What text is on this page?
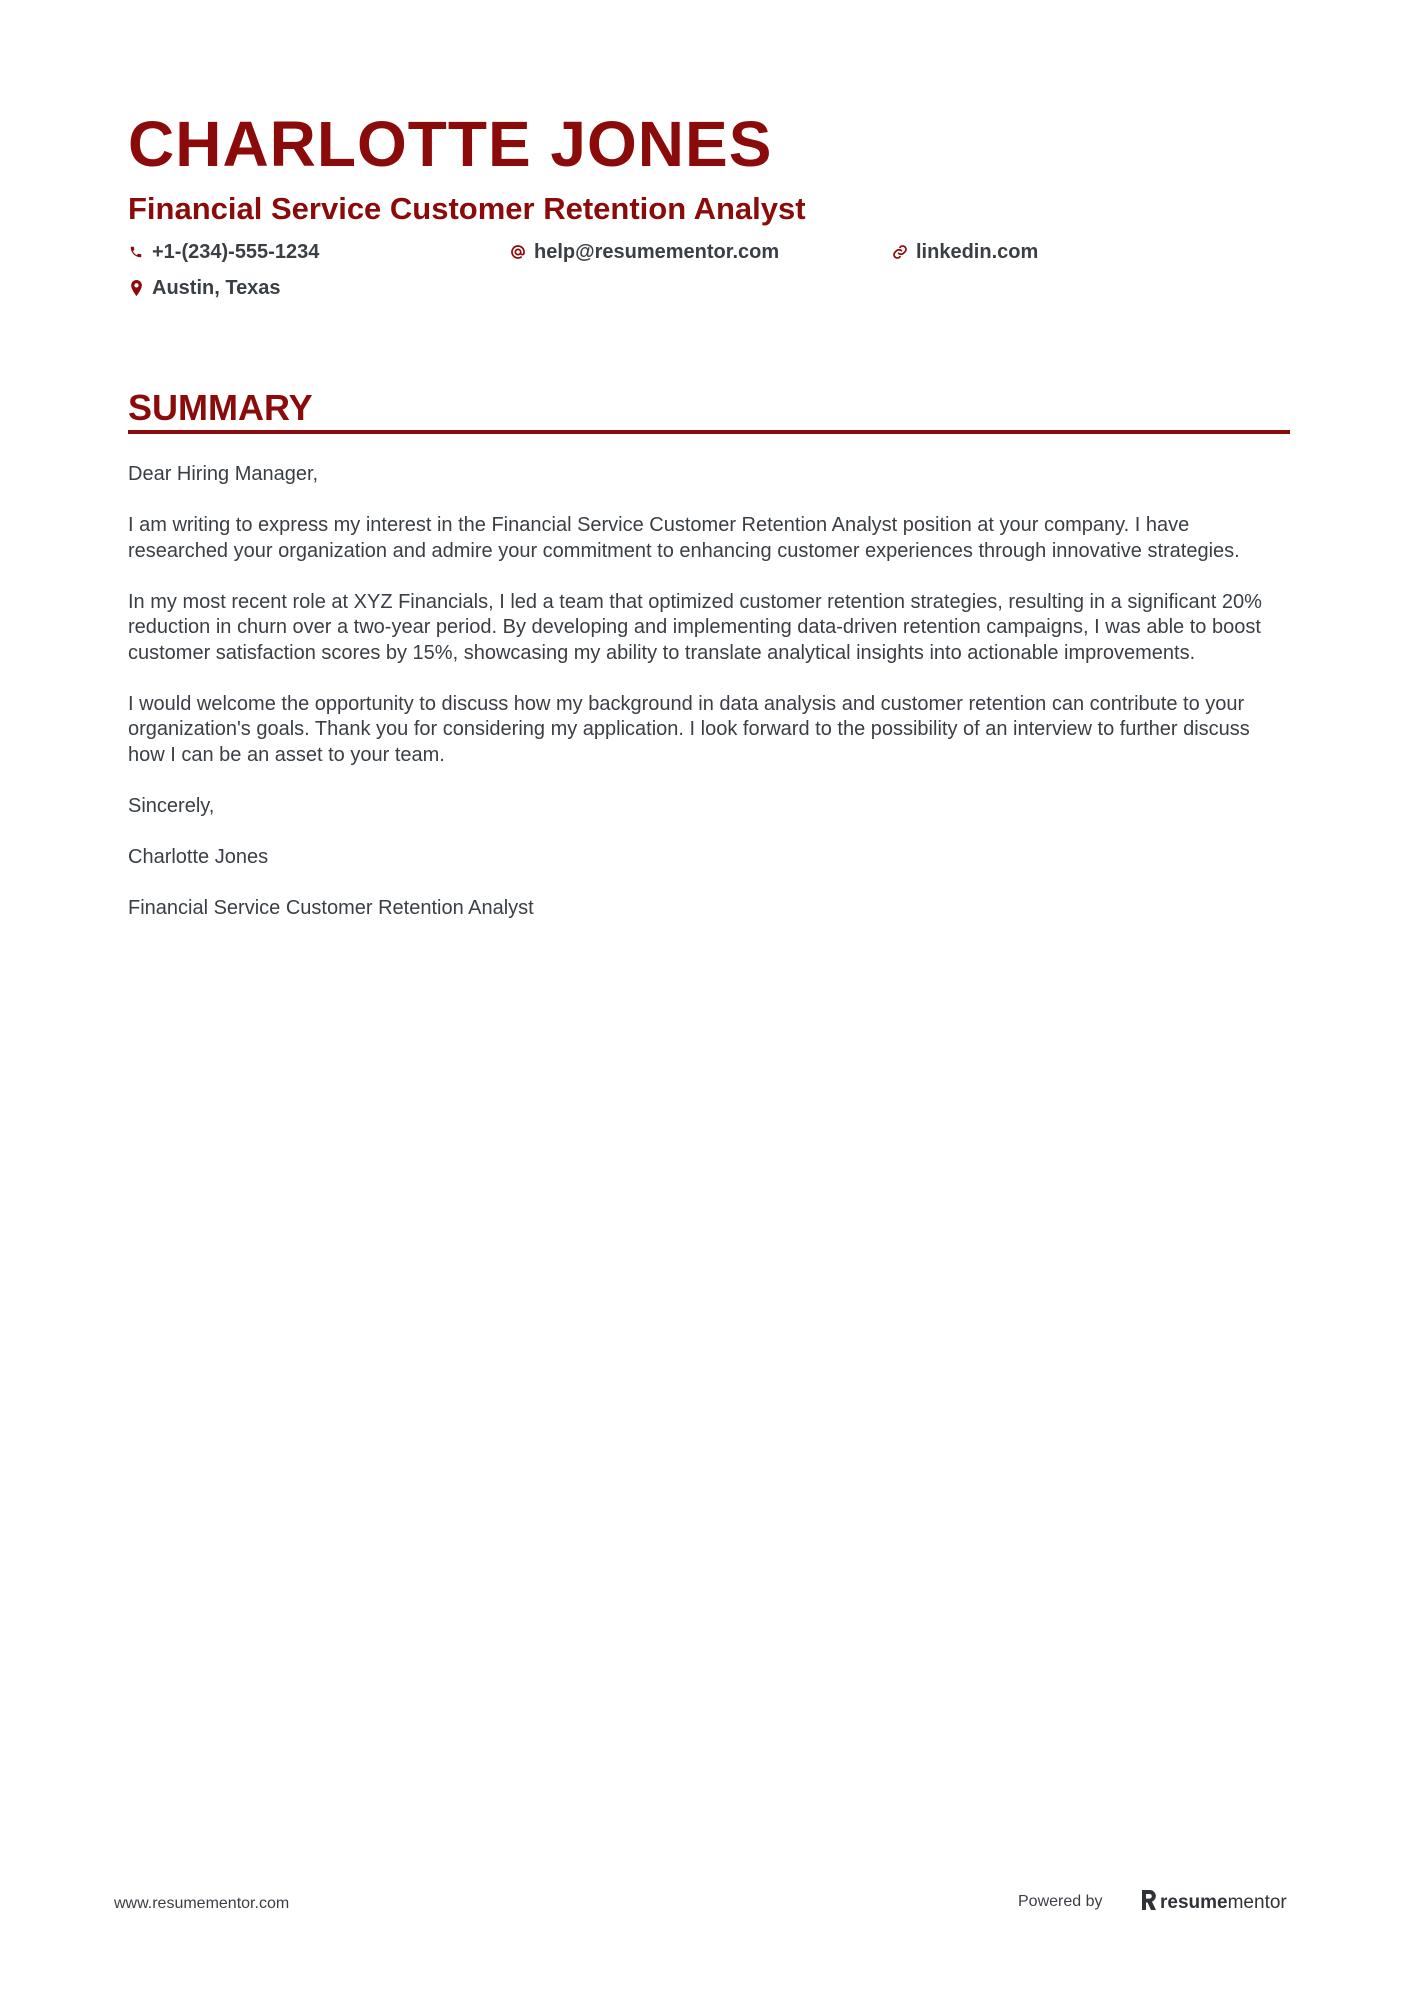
CHARLOTTE JONES
Financial Service Customer Retention Analyst
+1-(234)-555-1234	help@resumementor.com	linkedin.com
Austin, Texas
SUMMARY

Dear Hiring Manager,

I am writing to express my interest in the Financial Service Customer Retention Analyst position at your company. I have researched your organization and admire your commitment to enhancing customer experiences through innovative strategies.

In my most recent role at XYZ Financials, I led a team that optimized customer retention strategies, resulting in a significant 20% reduction in churn over a two-year period. By developing and implementing data-driven retention campaigns, I was able to boost customer satisfaction scores by 15%, showcasing my ability to translate analytical insights into actionable improvements.

I would welcome the opportunity to discuss how my background in data analysis and customer retention can contribute to your organization's goals. Thank you for considering my application. I look forward to the possibility of an interview to further discuss how I can be an asset to your team.

Sincerely,

Charlotte Jones

Financial Service Customer Retention Analyst

www.resumementor.com	Powered by	resume mentor
